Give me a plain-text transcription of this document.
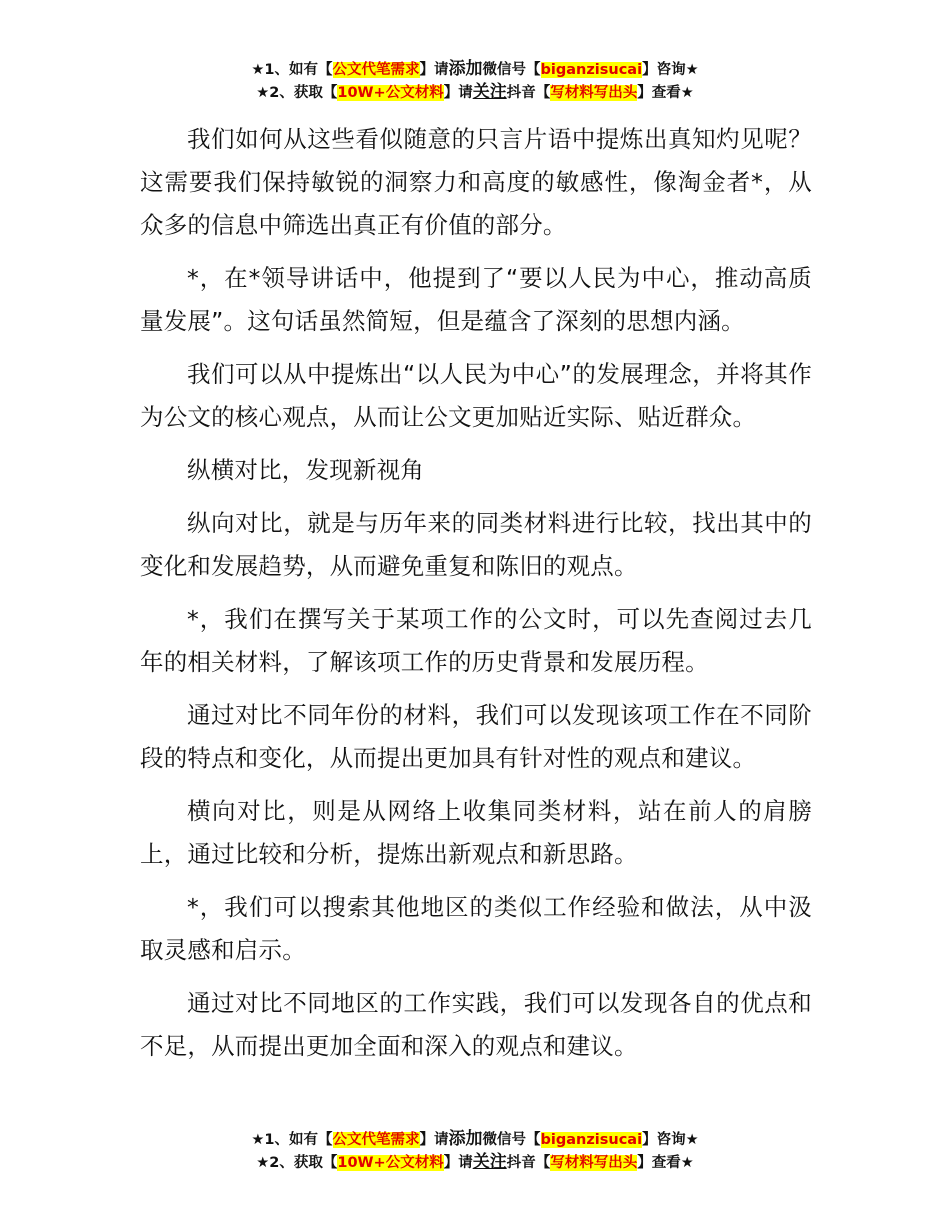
★1、如有【公文代笔需求】请添加微信号【biganzisucai】咨询★
★2、获取【10W+公文材料】请关注抖音【写材料写出头】查看★

我们如何从这些看似随意的只言片语中提炼出真知灼见呢？这需要我们保持敏锐的洞察力和高度的敏感性，像淘金者*，从众多的信息中筛选出真正有价值的部分。

*，在*领导讲话中，他提到了“要以人民为中心，推动高质量发展”。这句话虽然简短，但是蕴含了深刻的思想内涵。

我们可以从中提炼出“以人民为中心”的发展理念，并将其作为公文的核心观点，从而让公文更加贴近实际、贴近群众。

纵横对比，发现新视角

纵向对比，就是与历年来的同类材料进行比较，找出其中的变化和发展趋势，从而避免重复和陈旧的观点。

*，我们在撰写关于某项工作的公文时，可以先查阅过去几年的相关材料，了解该项工作的历史背景和发展历程。

通过对比不同年份的材料，我们可以发现该项工作在不同阶段的特点和变化，从而提出更加具有针对性的观点和建议。

横向对比，则是从网络上收集同类材料，站在前人的肩膀上，通过比较和分析，提炼出新观点和新思路。

*，我们可以搜索其他地区的类似工作经验和做法，从中汲取灵感和启示。

通过对比不同地区的工作实践，我们可以发现各自的优点和不足，从而提出更加全面和深入的观点和建议。

★1、如有【公文代笔需求】请添加微信号【biganzisucai】咨询★
★2、获取【10W+公文材料】请关注抖音【写材料写出头】查看★
